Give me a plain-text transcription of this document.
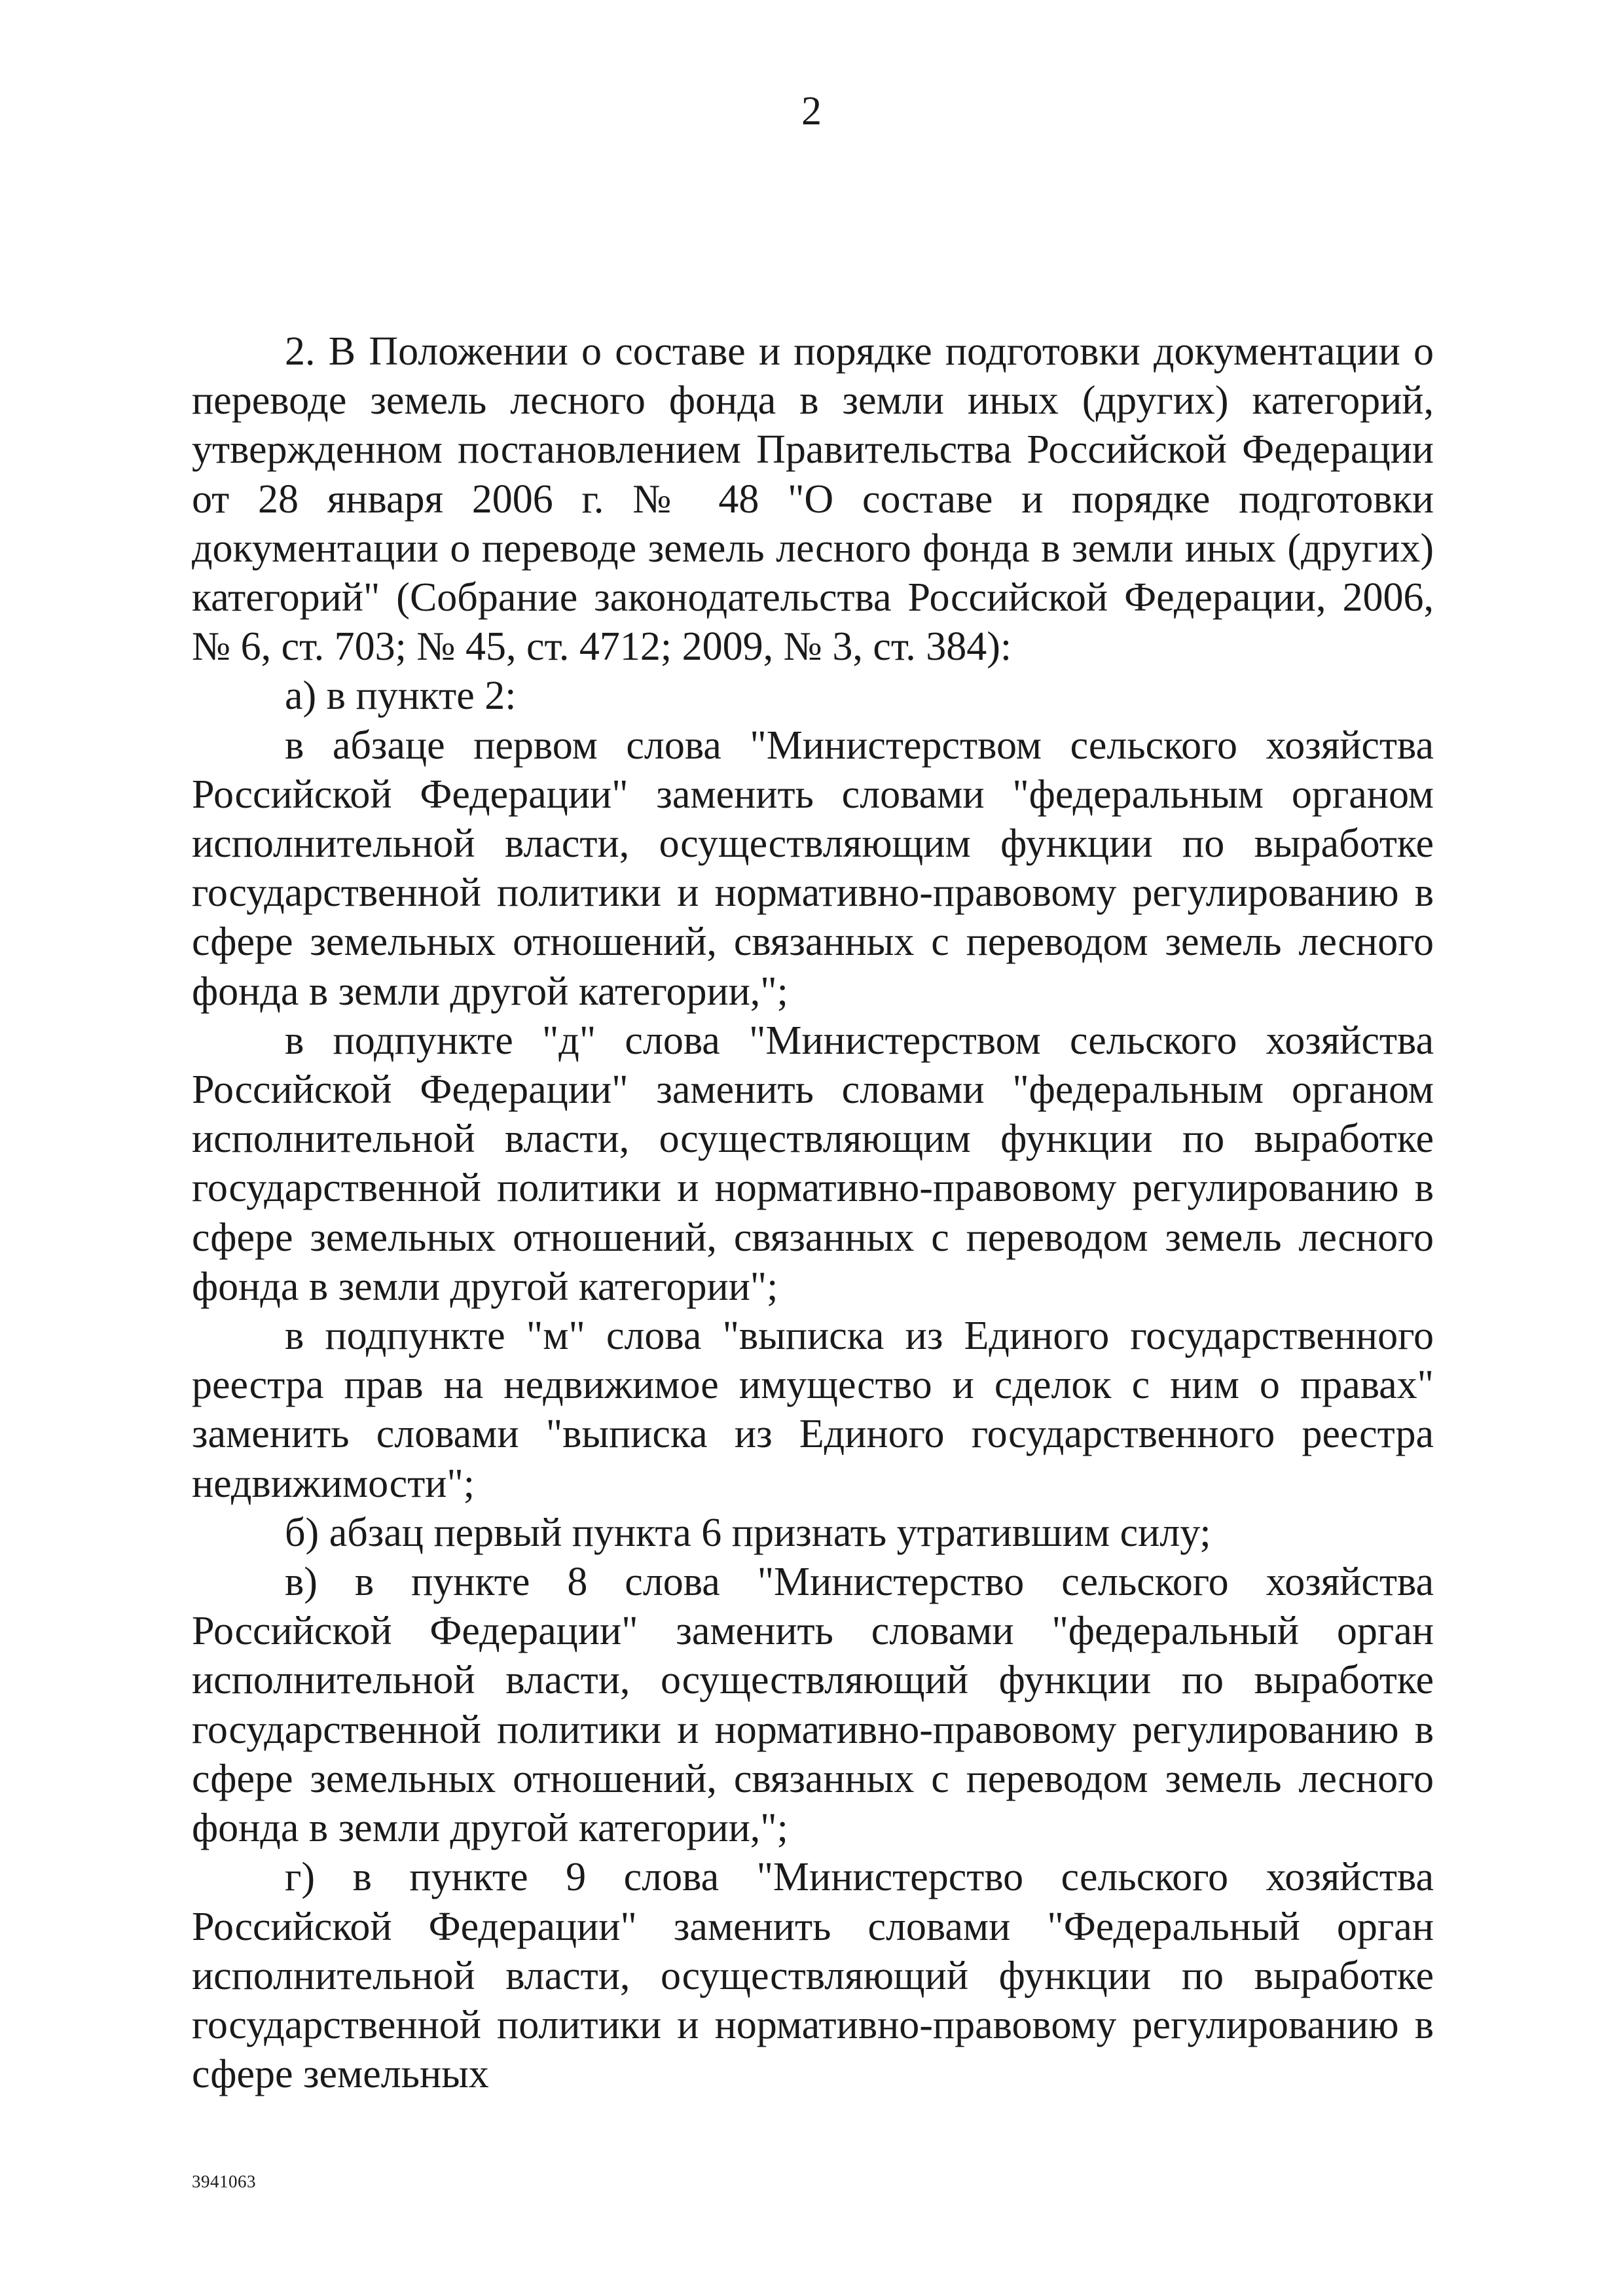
2

2. В Положении о составе и порядке подготовки документации о переводе земель лесного фонда в земли иных (других) категорий, утвержденном постановлением Правительства Российской Федерации от 28 января 2006 г. № 48 "О составе и порядке подготовки документации о переводе земель лесного фонда в земли иных (других) категорий" (Собрание законодательства Российской Федерации, 2006, № 6, ст. 703; № 45, ст. 4712; 2009, № 3, ст. 384):

а) в пункте 2:

в абзаце первом слова "Министерством сельского хозяйства Российской Федерации" заменить словами "федеральным органом исполнительной власти, осуществляющим функции по выработке государственной политики и нормативно-правовому регулированию в сфере земельных отношений, связанных с переводом земель лесного фонда в земли другой категории,";

в подпункте "д" слова "Министерством сельского хозяйства Российской Федерации" заменить словами "федеральным органом исполнительной власти, осуществляющим функции по выработке государственной политики и нормативно-правовому регулированию в сфере земельных отношений, связанных с переводом земель лесного фонда в земли другой категории";

в подпункте "м" слова "выписка из Единого государственного реестра прав на недвижимое имущество и сделок с ним о правах" заменить словами "выписка из Единого государственного реестра недвижимости";

б) абзац первый пункта 6 признать утратившим силу;

в) в пункте 8 слова "Министерство сельского хозяйства Российской Федерации" заменить словами "федеральный орган исполнительной власти, осуществляющий функции по выработке государственной политики и нормативно-правовому регулированию в сфере земельных отношений, связанных с переводом земель лесного фонда в земли другой категории,";

г) в пункте 9 слова "Министерство сельского хозяйства Российской Федерации" заменить словами "Федеральный орган исполнительной власти, осуществляющий функции по выработке государственной политики и нормативно-правовому регулированию в сфере земельных

3941063
